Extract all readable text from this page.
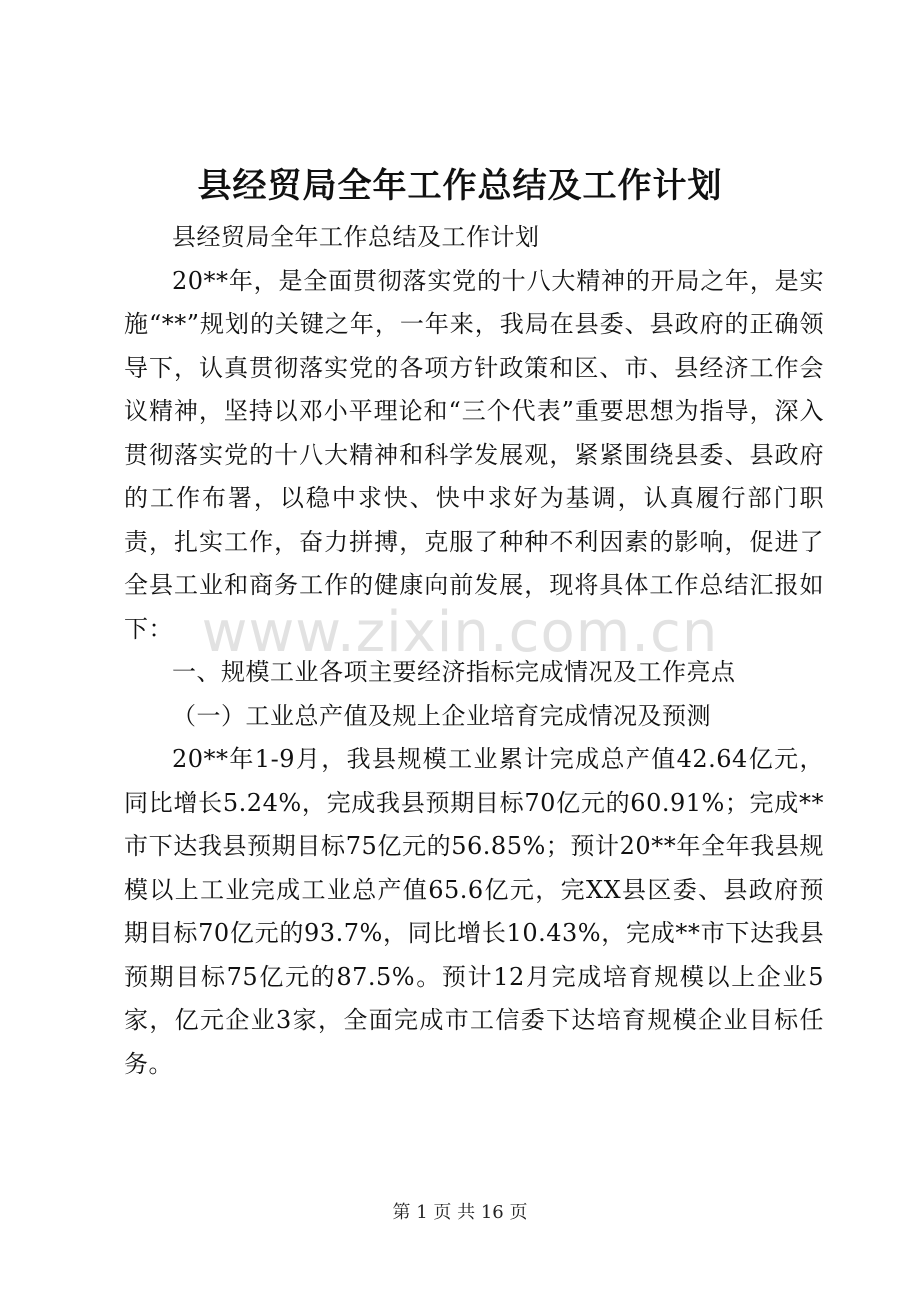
县经贸局全年工作总结及工作计划

县经贸局全年工作总结及工作计划

20**年，是全面贯彻落实党的十八大精神的开局之年，是实施“**”规划的关键之年，一年来，我局在县委、县政府的正确领导下，认真贯彻落实党的各项方针政策和区、市、县经济工作会议精神，坚持以邓小平理论和“三个代表”重要思想为指导，深入贯彻落实党的十八大精神和科学发展观，紧紧围绕县委、县政府的工作布署，以稳中求快、快中求好为基调，认真履行部门职责，扎实工作，奋力拼搏，克服了种种不利因素的影响，促进了全县工业和商务工作的健康向前发展，现将具体工作总结汇报如下：

一、规模工业各项主要经济指标完成情况及工作亮点

（一）工业总产值及规上企业培育完成情况及预测

20**年1-9月，我县规模工业累计完成总产值42.64亿元，同比增长5.24%，完成我县预期目标70亿元的60.91%；完成**市下达我县预期目标75亿元的56.85%；预计20**年全年我县规模以上工业完成工业总产值65.6亿元，完XX县区委、县政府预期目标70亿元的93.7%，同比增长10.43%，完成**市下达我县预期目标75亿元的87.5%。预计12月完成培育规模以上企业5家，亿元企业3家，全面完成市工信委下达培育规模企业目标任务。

www.zixin.com.cn
第 1 页 共 16 页
